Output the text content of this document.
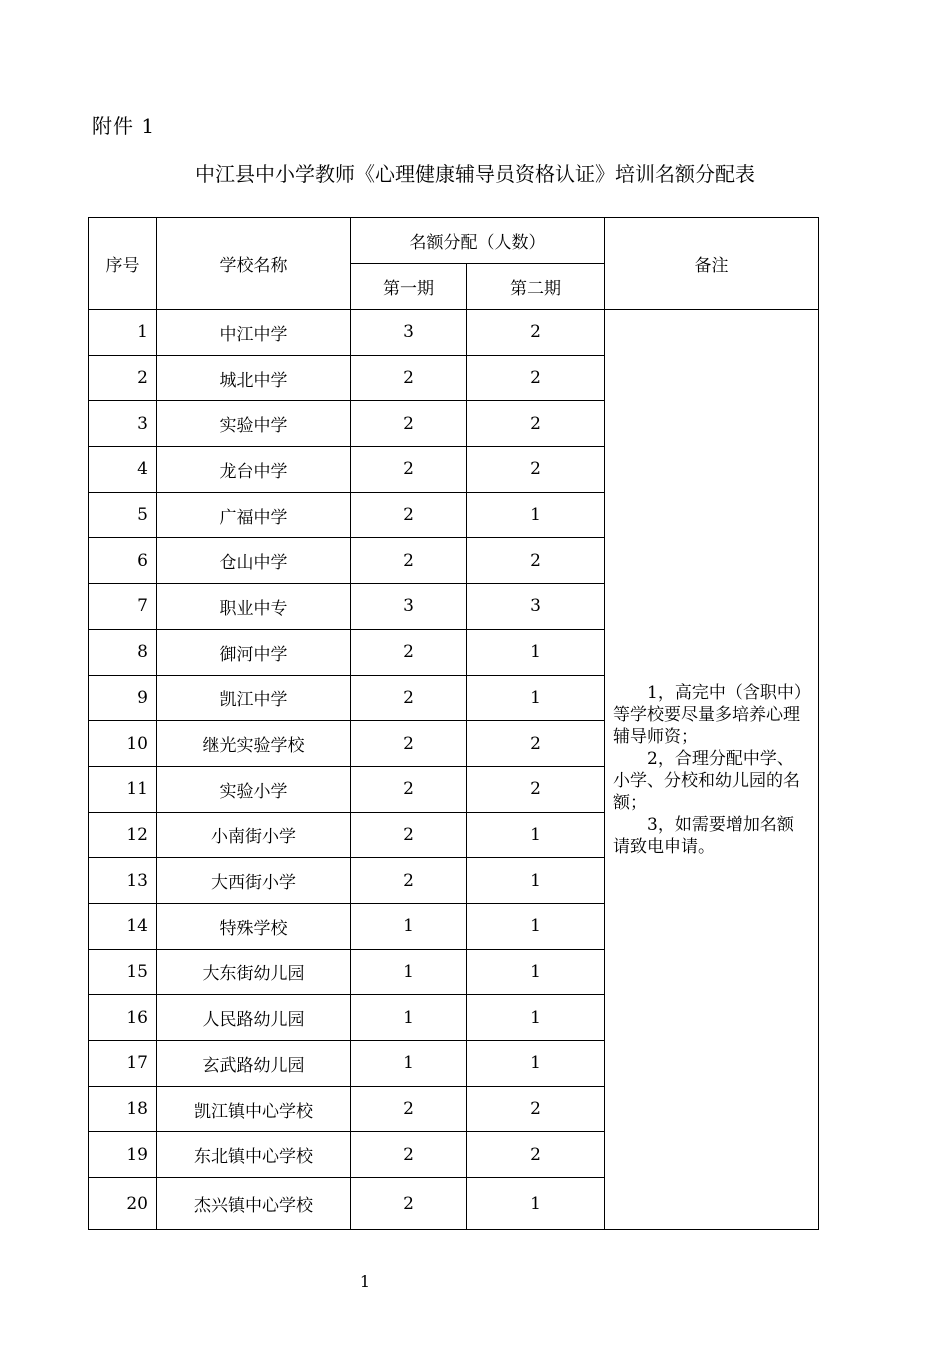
附件 1
中江县中小学教师《心理健康辅导员资格认证》培训名额分配表
序号	学校名称	名额分配（人数）		备注
		第一期	第二期	
1	中江中学	3	2	1，高完中（含职中）等学校要尽量多培养心理辅导师资；
2，合理分配中学、小学、分校和幼儿园的名额；
3，如需要增加名额请致电申请。

2	城北中学	2	2	
3	实验中学	2	2	
4	龙台中学	2	2	
5	广福中学	2	1	
6	仓山中学	2	2	
7	职业中专	3	3	
8	御河中学	2	1	
9	凯江中学	2	1	
10	继光实验学校	2	2	
11	实验小学	2	2	
12	小南街小学	2	1	
13	大西街小学	2	1	
14	特殊学校	1	1	
15	大东街幼儿园	1	1	
16	人民路幼儿园	1	1	
17	玄武路幼儿园	1	1	
18	凯江镇中心学校	2	2	
19	东北镇中心学校	2	2	
20	杰兴镇中心学校	2	1	
1
